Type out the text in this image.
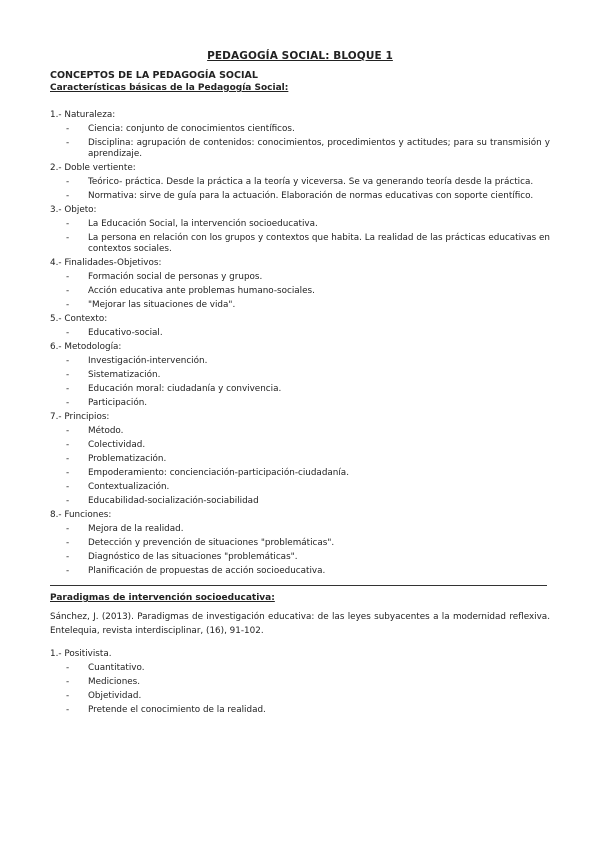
PEDAGOGÍA SOCIAL: BLOQUE 1
CONCEPTOS DE LA PEDAGOGÍA SOCIAL
Características básicas de la Pedagogía Social:
1.- Naturaleza:
- Ciencia: conjunto de conocimientos científicos.
- Disciplina: agrupación de contenidos: conocimientos, procedimientos y actitudes; para su transmisión y aprendizaje.
2.- Doble vertiente:
- Teórico- práctica. Desde la práctica a la teoría y viceversa. Se va generando teoría desde la práctica.
- Normativa: sirve de guía para la actuación. Elaboración de normas educativas con soporte científico.
3.- Objeto:
- La Educación Social, la intervención socioeducativa.
- La persona en relación con los grupos y contextos que habita. La realidad de las prácticas educativas en contextos sociales.
4.- Finalidades-Objetivos:
- Formación social de personas y grupos.
- Acción educativa ante problemas humano-sociales.
- "Mejorar las situaciones de vida".
5.- Contexto:
- Educativo-social.
6.- Metodología:
- Investigación-intervención.
- Sistematización.
- Educación moral: ciudadanía y convivencia.
- Participación.
7.- Principios:
- Método.
- Colectividad.
- Problematización.
- Empoderamiento: concienciación-participación-ciudadanía.
- Contextualización.
- Educabilidad-socialización-sociabilidad
8.- Funciones:
- Mejora de la realidad.
- Detección y prevención de situaciones "problemáticas".
- Diagnóstico de las situaciones "problemáticas".
- Planificación de propuestas de acción socioeducativa.
Paradigmas de intervención socioeducativa:
Sánchez, J. (2013). Paradigmas de investigación educativa: de las leyes subyacentes a la modernidad reflexiva. Entelequia, revista interdisciplinar, (16), 91-102.
1.- Positivista.
- Cuantitativo.
- Mediciones.
- Objetividad.
- Pretende el conocimiento de la realidad.
